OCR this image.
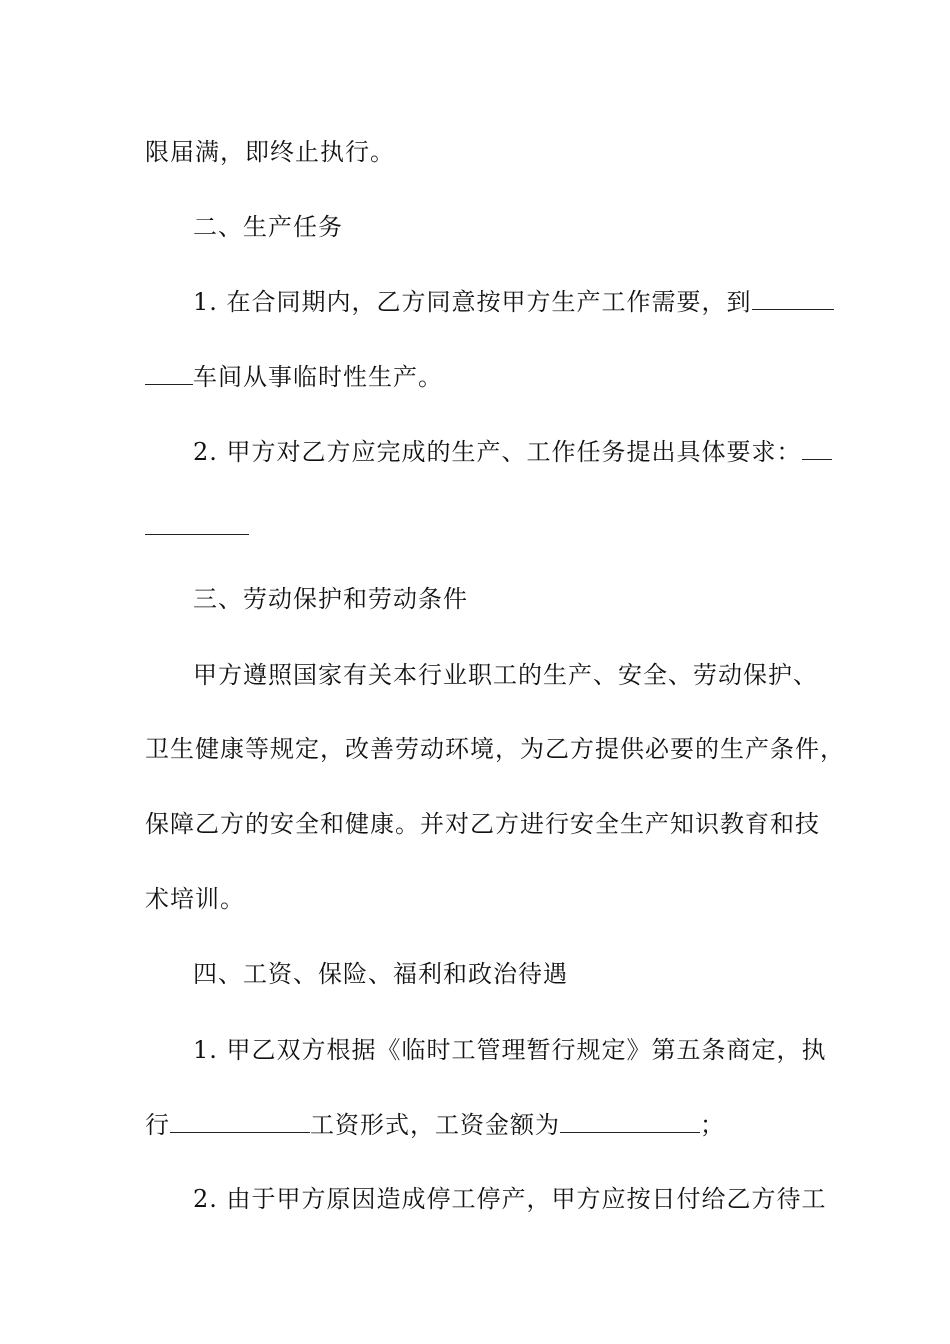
限届满，即终止执行。
二、生产任务
1. 在合同期内，乙方同意按甲方生产工作需要，到
车间从事临时性生产。
2. 甲方对乙方应完成的生产、工作任务提出具体要求：
三、劳动保护和劳动条件
甲方遵照国家有关本行业职工的生产、安全、劳动保护、
卫生健康等规定，改善劳动环境，为乙方提供必要的生产条件，
保障乙方的安全和健康。并对乙方进行安全生产知识教育和技
术培训。
四、工资、保险、福利和政治待遇
1. 甲乙双方根据《临时工管理暂行规定》第五条商定，执
行	工资形式，工资金额为	；
2. 由于甲方原因造成停工停产，甲方应按日付给乙方待工
